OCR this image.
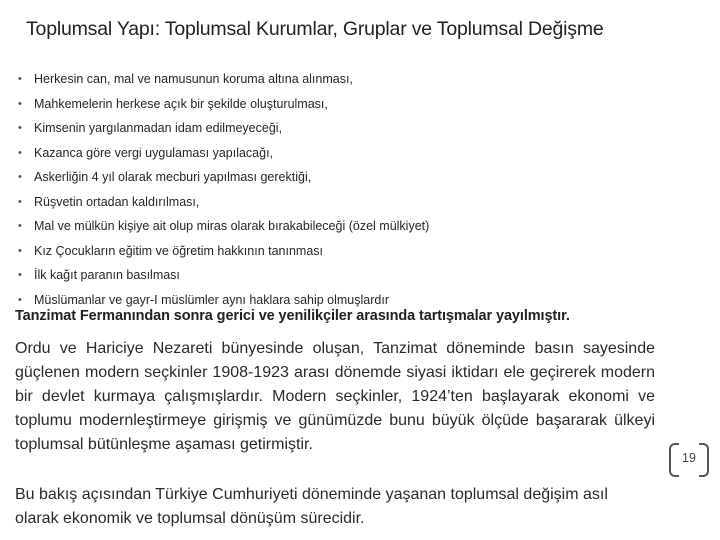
Toplumsal Yapı: Toplumsal Kurumlar, Gruplar ve Toplumsal Değişme
• Herkesin can, mal ve namusunun koruma altına alınması,
• Mahkemelerin herkese açık bir şekilde oluşturulması,
• Kimsenin yargılanmadan idam edilmeyeceği,
• Kazanca göre vergi uygulaması yapılacağı,
• Askerliğin 4 yıl olarak mecburi yapılması gerektiği,
• Rüşvetin ortadan kaldırılması,
• Mal ve mülkün kişiye ait olup miras olarak bırakabileceği (özel mülkiyet)
• Kız Çocukların eğitim ve öğretim hakkının tanınması
• İlk kağıt paranın basılması
• Müslümanlar ve gayr-I müslümler aynı haklara sahip olmuşlardır
Tanzimat Fermanından sonra gerici ve yenilikçiler arasında tartışmalar yayılmıştır.

Ordu ve Hariciye Nezareti bünyesinde oluşan, Tanzimat döneminde basın sayesinde güçlenen modern seçkinler 1908-1923 arası dönemde siyasi iktidarı ele geçirerek modern bir devlet kurmaya çalışmışlardır. Modern seçkinler, 1924’ten başlayarak ekonomi ve toplumu modernleştirmeye girişmiş ve günümüzde bunu büyük ölçüde başararak ülkeyi toplumsal bütünleşme aşaması getirmiştir.

Bu bakış açısından Türkiye Cumhuriyeti döneminde yaşanan toplumsal değişim asıl olarak ekonomik ve toplumsal dönüşüm sürecidir.

19
